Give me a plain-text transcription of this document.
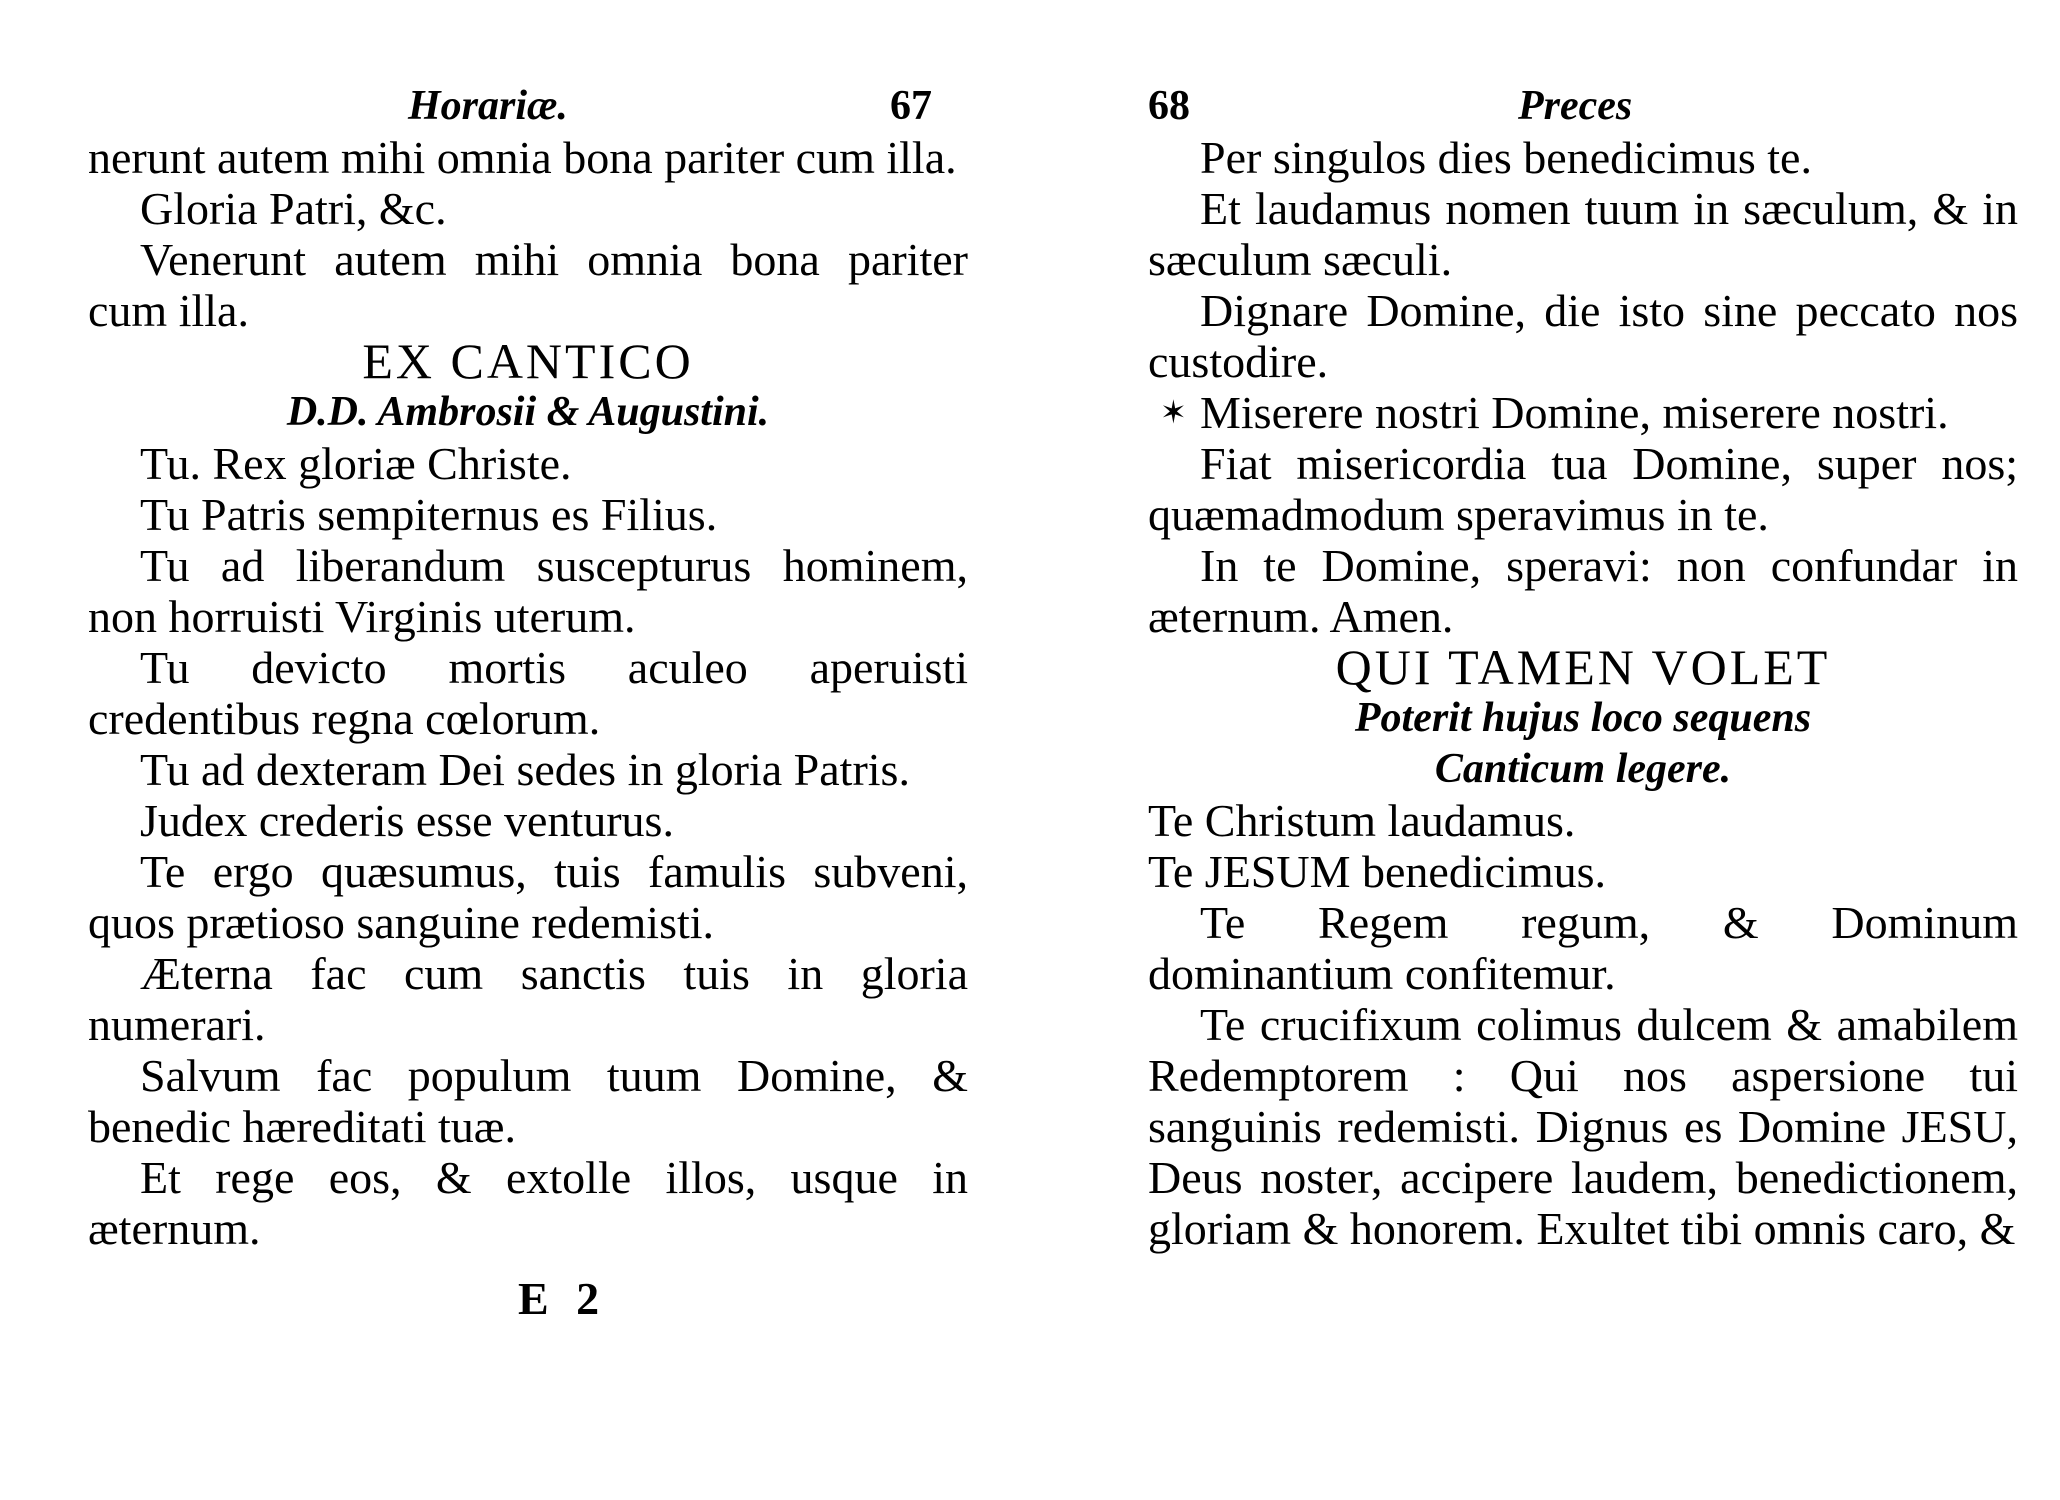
Horariæ.	67

nerunt autem mihi omnia bona pariter cum illa.

Gloria Patri, &c.

Venerunt autem mihi omnia bona pariter cum illa.

EX CANTICO

D.D. Ambrosii & Augustini.

Tu. Rex gloriæ Christe.

Tu Patris sempiternus es Filius.

Tu ad liberandum suscepturus hominem, non horruisti Virginis uterum.

Tu devicto mortis aculeo aperuisti credentibus regna cœlorum.

Tu ad dexteram Dei sedes in gloria Patris.

Judex crederis esse venturus.

Te ergo quæsumus, tuis famulis subveni, quos prætioso sanguine redemisti.

Æterna fac cum sanctis tuis in gloria numerari.

Salvum fac populum tuum Domine, & benedic hæreditati tuæ.

Et rege eos, & extolle illos, usque in æternum.

E 2

68	Preces

Per singulos dies benedicimus te.

Et laudamus nomen tuum in sæculum, & in sæculum sæculi.

Dignare Domine, die isto sine peccato nos custodire.

✶ Miserere nostri Domine, miserere nostri.

Fiat misericordia tua Domine, super nos; quæmadmodum speravimus in te.

In te Domine, speravi: non confundar in æternum. Amen.

QUI TAMEN VOLET

Poterit hujus loco sequens

Canticum legere.

Te Christum laudamus.

Te JESUM benedicimus.

Te Regem regum, & Dominum dominantium confitemur.

Te crucifixum colimus dulcem & amabilem Redemptorem : Qui nos aspersione tui sanguinis redemisti. Dignus es Domine JESU, Deus noster, accipere laudem, benedictionem, gloriam & honorem. Exultet tibi omnis caro, &
